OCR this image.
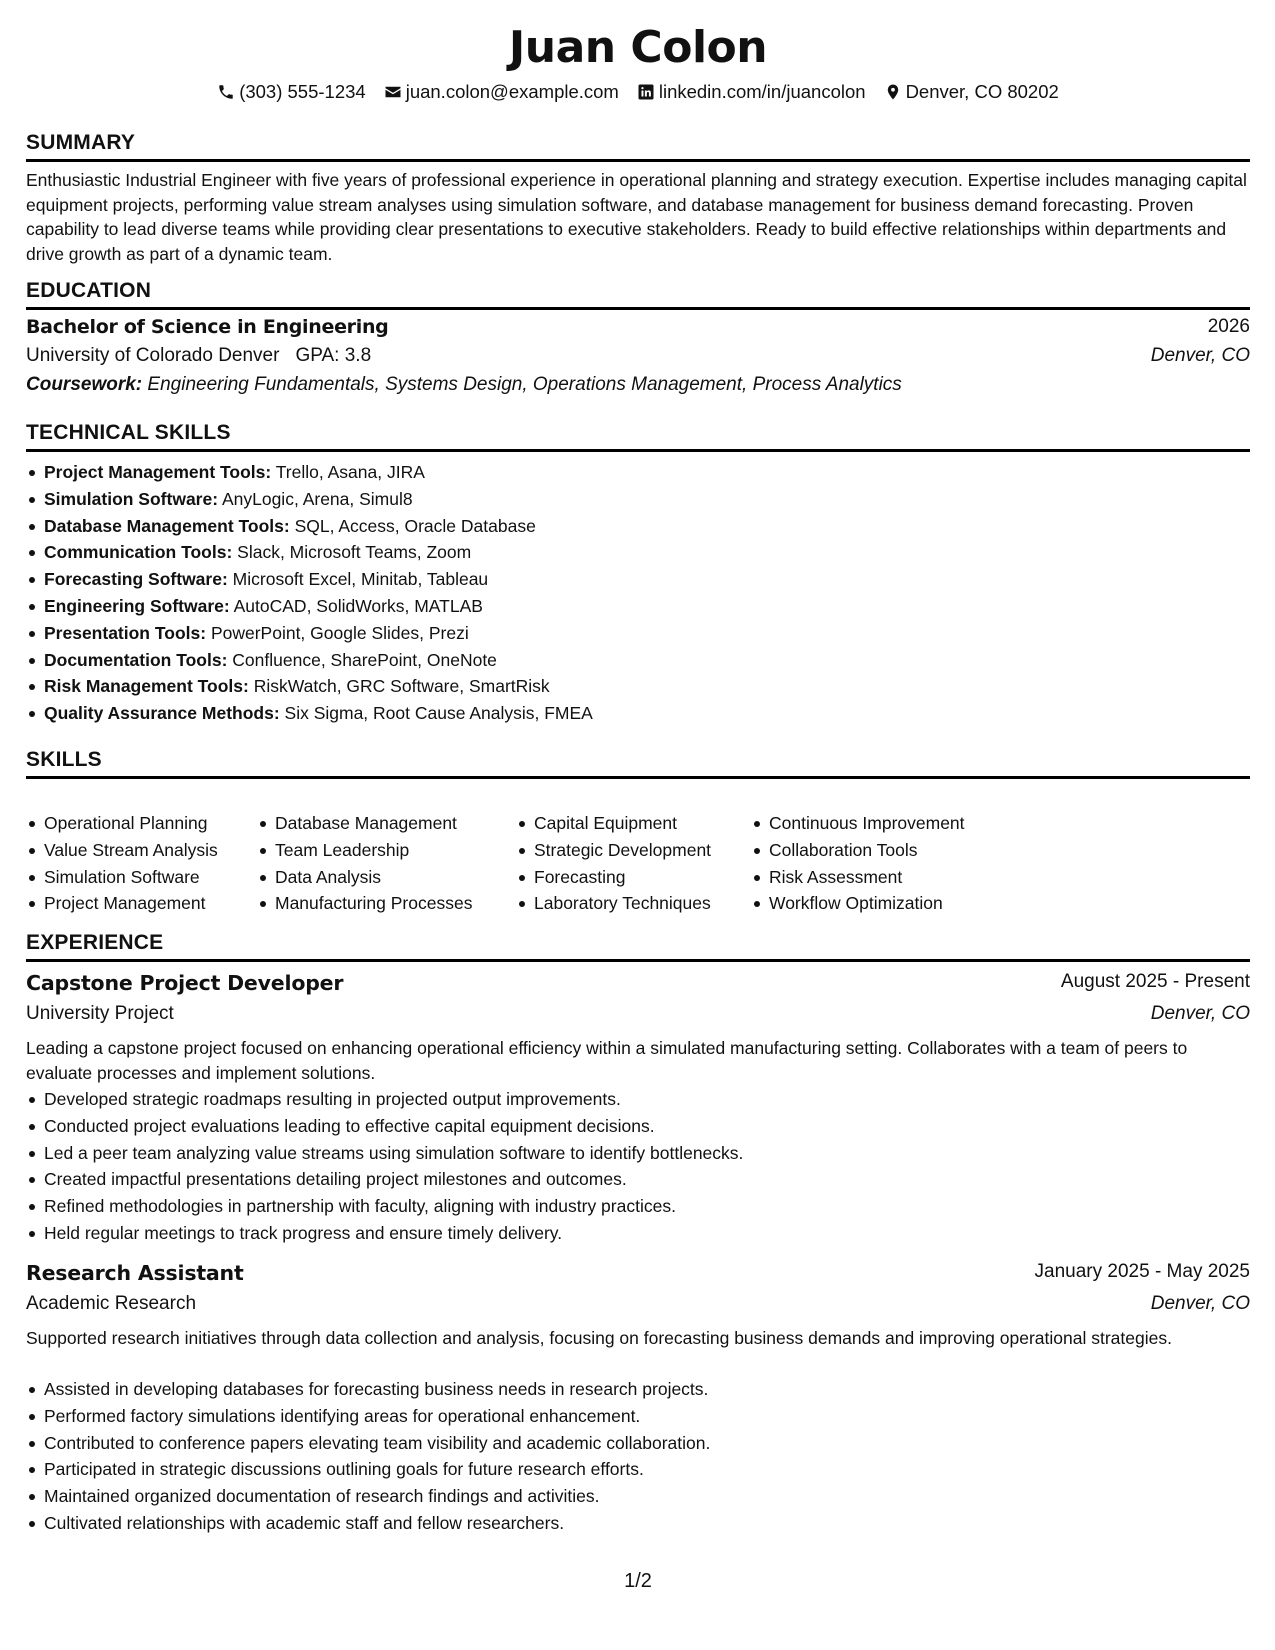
Juan Colon
(303) 555-1234 juan.colon@example.com linkedin.com/in/juancolon Denver, CO 80202
SUMMARY
Enthusiastic Industrial Engineer with five years of professional experience in operational planning and strategy execution. Expertise includes managing capital equipment projects, performing value stream analyses using simulation software, and database management for business demand forecasting. Proven capability to lead diverse teams while providing clear presentations to executive stakeholders. Ready to build effective relationships within departments and drive growth as part of a dynamic team.
EDUCATION
Bachelor of Science in Engineering	2026
University of Colorado Denver GPA: 3.8	Denver, CO
Coursework: Engineering Fundamentals, Systems Design, Operations Management, Process Analytics
TECHNICAL SKILLS
Project Management Tools: Trello, Asana, JIRA
Simulation Software: AnyLogic, Arena, Simul8
Database Management Tools: SQL, Access, Oracle Database
Communication Tools: Slack, Microsoft Teams, Zoom
Forecasting Software: Microsoft Excel, Minitab, Tableau
Engineering Software: AutoCAD, SolidWorks, MATLAB
Presentation Tools: PowerPoint, Google Slides, Prezi
Documentation Tools: Confluence, SharePoint, OneNote
Risk Management Tools: RiskWatch, GRC Software, SmartRisk
Quality Assurance Methods: Six Sigma, Root Cause Analysis, FMEA
SKILLS
Operational Planning
Value Stream Analysis
Simulation Software
Project Management
Database Management
Team Leadership
Data Analysis
Manufacturing Processes
Capital Equipment
Strategic Development
Forecasting
Laboratory Techniques
Continuous Improvement
Collaboration Tools
Risk Assessment
Workflow Optimization
EXPERIENCE
Capstone Project Developer	August 2025 - Present
University Project	Denver, CO
Leading a capstone project focused on enhancing operational efficiency within a simulated manufacturing setting. Collaborates with a team of peers to evaluate processes and implement solutions.
Developed strategic roadmaps resulting in projected output improvements.
Conducted project evaluations leading to effective capital equipment decisions.
Led a peer team analyzing value streams using simulation software to identify bottlenecks.
Created impactful presentations detailing project milestones and outcomes.
Refined methodologies in partnership with faculty, aligning with industry practices.
Held regular meetings to track progress and ensure timely delivery.
Research Assistant	January 2025 - May 2025
Academic Research	Denver, CO
Supported research initiatives through data collection and analysis, focusing on forecasting business demands and improving operational strategies.
Assisted in developing databases for forecasting business needs in research projects.
Performed factory simulations identifying areas for operational enhancement.
Contributed to conference papers elevating team visibility and academic collaboration.
Participated in strategic discussions outlining goals for future research efforts.
Maintained organized documentation of research findings and activities.
Cultivated relationships with academic staff and fellow researchers.
1/2
